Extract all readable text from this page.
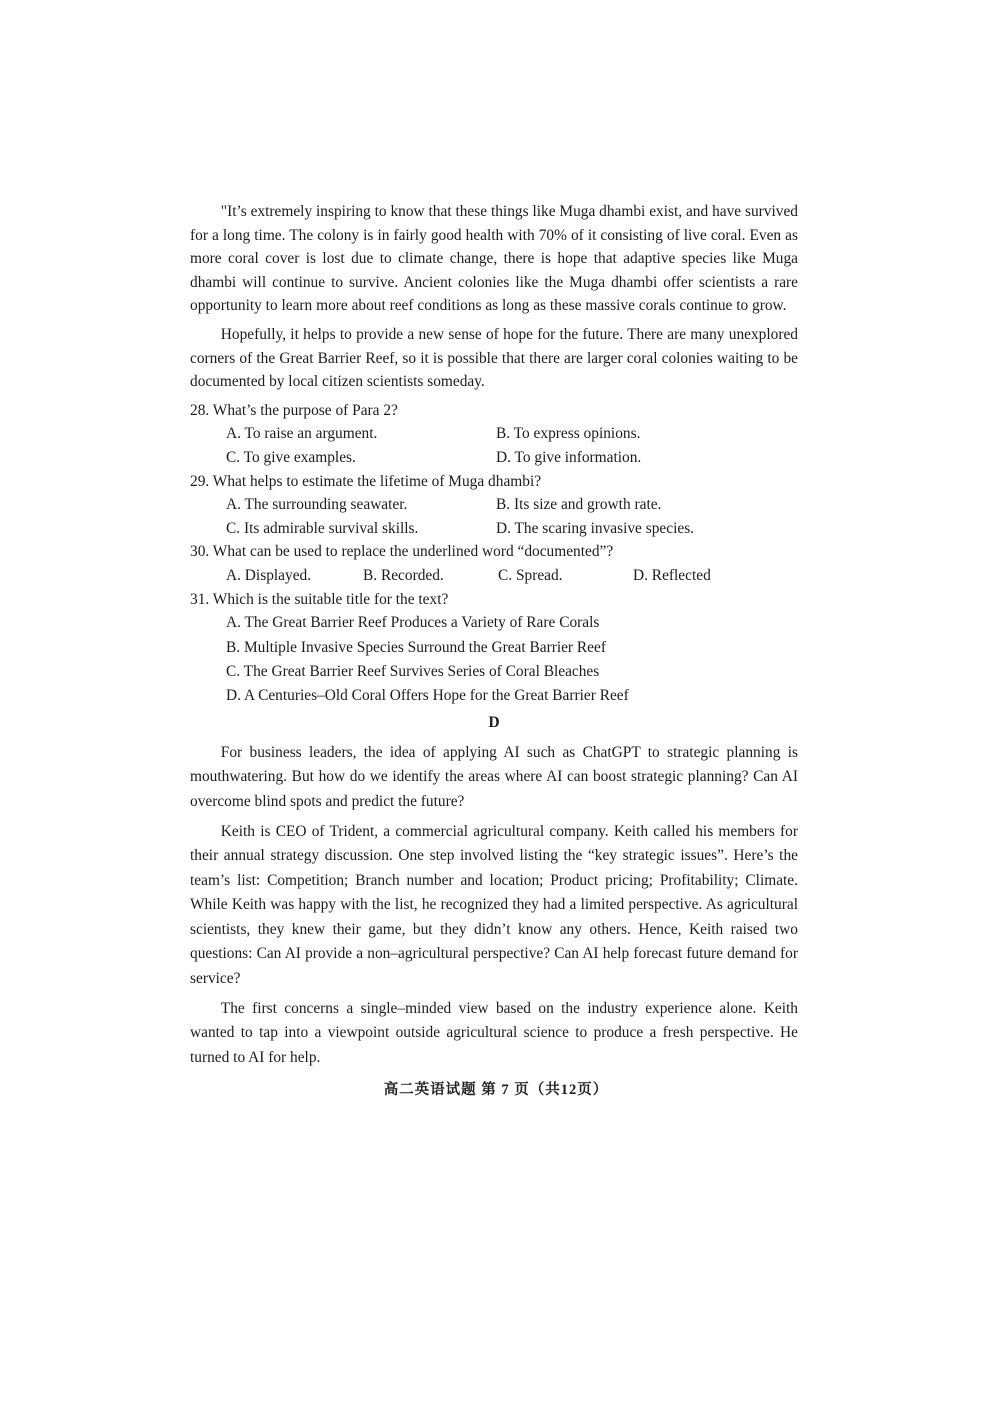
"It’s extremely inspiring to know that these things like Muga dhambi exist, and have survived for a long time. The colony is in fairly good health with 70% of it consisting of live coral. Even as more coral cover is lost due to climate change, there is hope that adaptive species like Muga dhambi will continue to survive. Ancient colonies like the Muga dhambi offer scientists a rare opportunity to learn more about reef conditions as long as these massive corals continue to grow.

Hopefully, it helps to provide a new sense of hope for the future. There are many unexplored corners of the Great Barrier Reef, so it is possible that there are larger coral colonies waiting to be documented by local citizen scientists someday.

28. What’s the purpose of Para 2?

A. To raise an argument.	B. To express opinions.
C. To give examples.	D. To give information.

29. What helps to estimate the lifetime of Muga dhambi?

A. The surrounding seawater.	B. Its size and growth rate.
C. Its admirable survival skills.	D. The scaring invasive species.

30. What can be used to replace the underlined word “documented”?

A. Displayed.	B. Recorded.	C. Spread.	D. Reflected

31. Which is the suitable title for the text?

A. The Great Barrier Reef Produces a Variety of Rare Corals
B. Multiple Invasive Species Surround the Great Barrier Reef
C. The Great Barrier Reef Survives Series of Coral Bleaches
D. A Centuries–Old Coral Offers Hope for the Great Barrier Reef
D

For business leaders, the idea of applying AI such as ChatGPT to strategic planning is mouthwatering. But how do we identify the areas where AI can boost strategic planning? Can AI overcome blind spots and predict the future?

Keith is CEO of Trident, a commercial agricultural company. Keith called his members for their annual strategy discussion. One step involved listing the “key strategic issues”. Here’s the team’s list: Competition; Branch number and location; Product pricing; Profitability; Climate. While Keith was happy with the list, he recognized they had a limited perspective. As agricultural scientists, they knew their game, but they didn’t know any others. Hence, Keith raised two questions: Can AI provide a non–agricultural perspective? Can AI help forecast future demand for service?

The first concerns a single–minded view based on the industry experience alone. Keith wanted to tap into a viewpoint outside agricultural science to produce a fresh perspective. He turned to AI for help.

高二英语试题 第 7 页（共12页）
